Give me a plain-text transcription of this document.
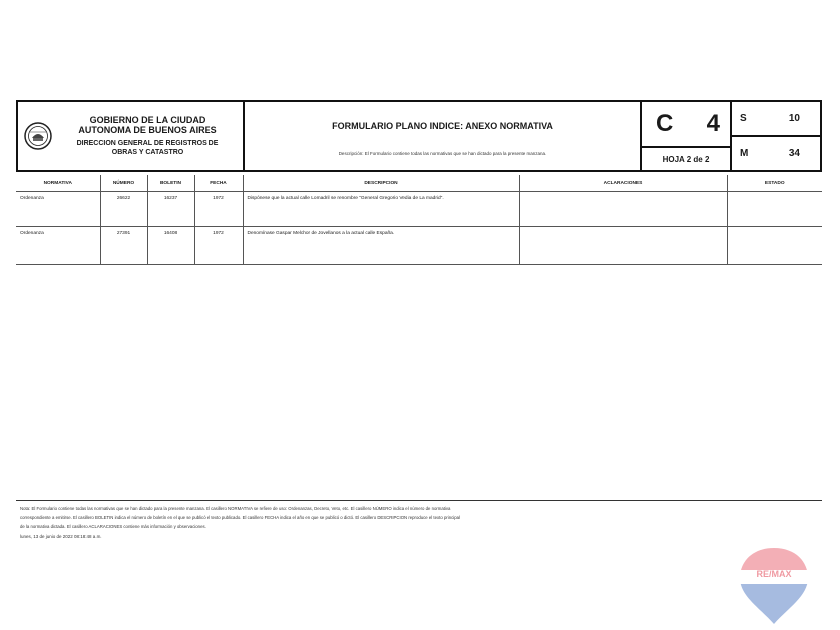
GOBIERNO DE LA CIUDAD
AUTONOMA DE BUENOS AIRES
DIRECCION GENERAL DE REGISTROS DE
OBRAS Y CATASTRO
FORMULARIO PLANO INDICE: ANEXO NORMATIVA
Descripción: El Formulario contiene todas las normativas que se han dictado para la presente manzana.
C 4
HOJA 2 de 2
S	10
M	34
NORMATIVA	NÚMERO	BOLETIN	FECHA	DESCRIPCION	ACLARACIONES	ESTADO
Ordenanza	26622	16237	1972	Dispónese que la actual calle Lomadril se renombre "General Gregorio Vedia de La madrid".		
Ordenanza	27391	16408	1972	Denomínase Gaspar Melchor de Jovellanos a la actual calle España.		
Nota: El Formulario contiene todas las normativas que se han dictado para la presente manzana. El casillero NORMATIVA se refiere de uso: Ordenanzas, Decreto, Veto, etc. El casillero NÚMERO indica el número de normativa
correspondiente a emitirse. El casillero BOLETIN indica el número de boletín en el que se publicó el texto publicado. El casillero FECHA indica el año en que se publicó o dictó. El casillero DESCRIPCION reproduce el texto principal
de la normativa dictada. El casillero ACLARACIONES contiene más información y observaciones.
lunes, 13 de junio de 2022 08:18:48 a.m.
RE/MAX
